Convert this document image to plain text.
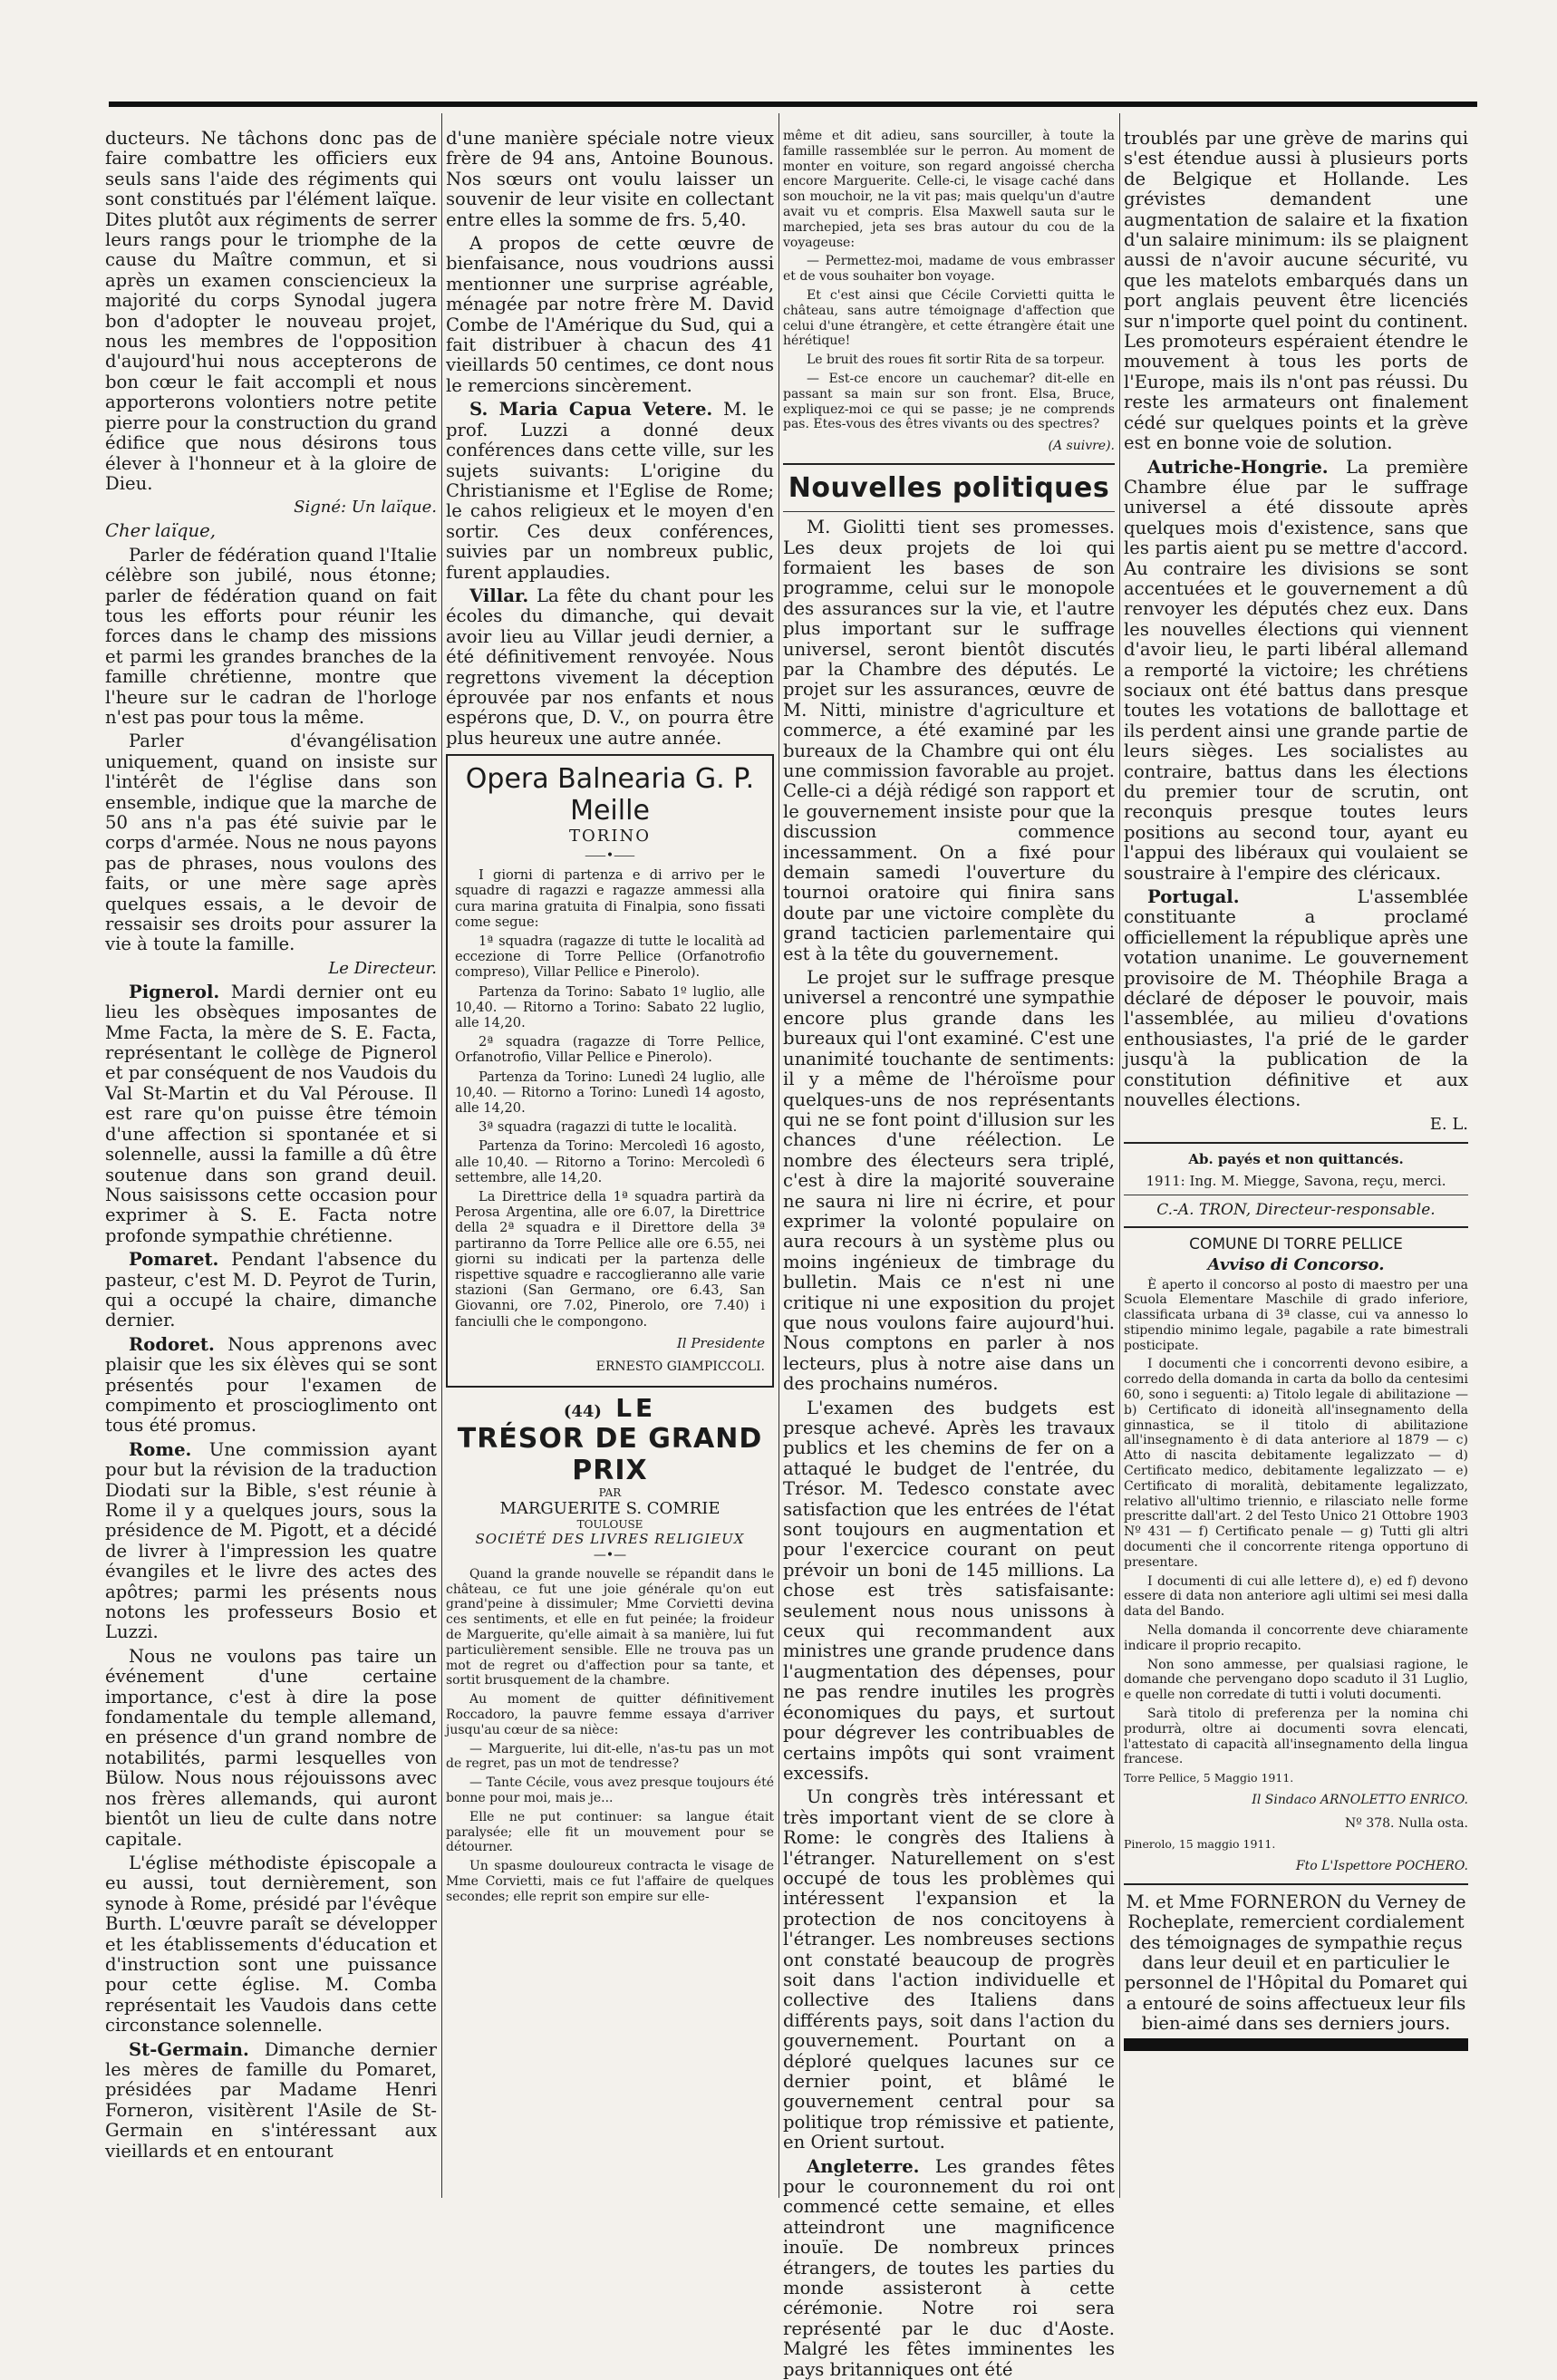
ducteurs. Ne tâchons donc pas de faire combattre les officiers eux seuls sans l'aide des régiments qui sont constitués par l'élément laïque. Dites plutôt aux régiments de serrer leurs rangs pour le triomphe de la cause du Maître commun, et si après un examen consciencieux la majorité du corps Synodal jugera bon d'adopter le nouveau projet, nous les membres de l'opposition d'aujourd'hui nous accepterons de bon cœur le fait accompli et nous apporterons volontiers notre petite pierre pour la construction du grand édifice que nous désirons tous élever à l'honneur et à la gloire de Dieu.

Signé: Un laïque.

Cher laïque,

Parler de fédération quand l'Italie célèbre son jubilé, nous étonne; parler de fédération quand on fait tous les efforts pour réunir les forces dans le champ des missions et parmi les grandes branches de la famille chrétienne, montre que l'heure sur le cadran de l'horloge n'est pas pour tous la même.

Parler d'évangélisation uniquement, quand on insiste sur l'intérêt de l'église dans son ensemble, indique que la marche de 50 ans n'a pas été suivie par le corps d'armée. Nous ne nous payons pas de phrases, nous voulons des faits, or une mère sage après quelques essais, a le devoir de ressaisir ses droits pour assurer la vie à toute la famille.

Le Directeur.

Pignerol. Mardi dernier ont eu lieu les obsèques imposantes de Mme Facta, la mère de S. E. Facta, représentant le collège de Pignerol et par conséquent de nos Vaudois du Val St-Martin et du Val Pérouse. Il est rare qu'on puisse être témoin d'une affection si spontanée et si solennelle, aussi la famille a dû être soutenue dans son grand deuil. Nous saisissons cette occasion pour exprimer à S. E. Facta notre profonde sympathie chrétienne.

Pomaret. Pendant l'absence du pasteur, c'est M. D. Peyrot de Turin, qui a occupé la chaire, dimanche dernier.

Rodoret. Nous apprenons avec plaisir que les six élèves qui se sont présentés pour l'examen de compimento et proscioglimento ont tous été promus.

Rome. Une commission ayant pour but la révision de la traduction Diodati sur la Bible, s'est réunie à Rome il y a quelques jours, sous la présidence de M. Pigott, et a décidé de livrer à l'impression les quatre évangiles et le livre des actes des apôtres; parmi les présents nous notons les professeurs Bosio et Luzzi.

Nous ne voulons pas taire un événement d'une certaine importance, c'est à dire la pose fondamentale du temple allemand, en présence d'un grand nombre de notabilités, parmi lesquelles von Bülow. Nous nous réjouissons avec nos frères allemands, qui auront bientôt un lieu de culte dans notre capitale.

L'église méthodiste épiscopale a eu aussi, tout dernièrement, son synode à Rome, présidé par l'évêque Burth. L'œuvre paraît se développer et les établissements d'éducation et d'instruction sont une puissance pour cette église. M. Comba représentait les Vaudois dans cette circonstance solennelle.

St-Germain. Dimanche dernier les mères de famille du Pomaret, présidées par Madame Henri Forneron, visitèrent l'Asile de St-Germain en s'intéressant aux vieillards et en entourant

d'une manière spéciale notre vieux frère de 94 ans, Antoine Bounous. Nos sœurs ont voulu laisser un souvenir de leur visite en collectant entre elles la somme de frs. 5,40.

A propos de cette œuvre de bienfaisance, nous voudrions aussi mentionner une surprise agréable, ménagée par notre frère M. David Combe de l'Amérique du Sud, qui a fait distribuer à chacun des 41 vieillards 50 centimes, ce dont nous le remercions sincèrement.

S. Maria Capua Vetere. M. le prof. Luzzi a donné deux conférences dans cette ville, sur les sujets suivants: L'origine du Christianisme et l'Eglise de Rome; le cahos religieux et le moyen d'en sortir. Ces deux conférences, suivies par un nombreux public, furent applaudies.

Villar. La fête du chant pour les écoles du dimanche, qui devait avoir lieu au Villar jeudi dernier, a été définitivement renvoyée. Nous regrettons vivement la déception éprouvée par nos enfants et nous espérons que, D. V., on pourra être plus heureux une autre année.

Opera Balnearia G. P. Meille
TORINO
⸺•⸺

I giorni di partenza e di arrivo per le squadre di ragazzi e ragazze ammessi alla cura marina gratuita di Finalpia, sono fissati come segue:

1ª squadra (ragazze di tutte le località ad eccezione di Torre Pellice (Orfanotrofio compreso), Villar Pellice e Pinerolo).

Partenza da Torino: Sabato 1º luglio, alle 10,40. — Ritorno a Torino: Sabato 22 luglio, alle 14,20.

2ª squadra (ragazze di Torre Pellice, Orfanotrofio, Villar Pellice e Pinerolo).

Partenza da Torino: Lunedì 24 luglio, alle 10,40. — Ritorno a Torino: Lunedì 14 agosto, alle 14,20.

3ª squadra (ragazzi di tutte le località.

Partenza da Torino: Mercoledì 16 agosto, alle 10,40. — Ritorno a Torino: Mercoledì 6 settembre, alle 14,20.

La Direttrice della 1ª squadra partirà da Perosa Argentina, alle ore 6.07, la Direttrice della 2ª squadra e il Direttore della 3ª partiranno da Torre Pellice alle ore 6.55, nei giorni su indicati per la partenza delle rispettive squadre e raccoglieranno alle varie stazioni (San Germano, ore 6.43, San Giovanni, ore 7.02, Pinerolo, ore 7.40) i fanciulli che le compongono.

Il Presidente
ERNESTO GIAMPICCOLI.
(44) LE
TRÉSOR DE GRAND PRIX
PAR
MARGUERITE S. COMRIE
TOULOUSE
SOCIÉTÉ DES LIVRES RELIGIEUX
—•—

Quand la grande nouvelle se répandit dans le château, ce fut une joie générale qu'on eut grand'peine à dissimuler; Mme Corvietti devina ces sentiments, et elle en fut peinée; la froideur de Marguerite, qu'elle aimait à sa manière, lui fut particulièrement sensible. Elle ne trouva pas un mot de regret ou d'affection pour sa tante, et sortit brusquement de la chambre.

Au moment de quitter définitivement Roccadoro, la pauvre femme essaya d'arriver jusqu'au cœur de sa nièce:

— Marguerite, lui dit-elle, n'as-tu pas un mot de regret, pas un mot de tendresse?

— Tante Cécile, vous avez presque toujours été bonne pour moi, mais je...

Elle ne put continuer: sa langue était paralysée; elle fit un mouvement pour se détourner.

Un spasme douloureux contracta le visage de Mme Corvietti, mais ce fut l'affaire de quelques secondes; elle reprit son empire sur elle-

même et dit adieu, sans sourciller, à toute la famille rassemblée sur le perron. Au moment de monter en voiture, son regard angoissé chercha encore Marguerite. Celle-ci, le visage caché dans son mouchoir, ne la vit pas; mais quelqu'un d'autre avait vu et compris. Elsa Maxwell sauta sur le marchepied, jeta ses bras autour du cou de la voyageuse:

— Permettez-moi, madame de vous embrasser et de vous souhaiter bon voyage.

Et c'est ainsi que Cécile Corvietti quitta le château, sans autre témoignage d'affection que celui d'une étrangère, et cette étrangère était une hérétique!

Le bruit des roues fit sortir Rita de sa torpeur.

— Est-ce encore un cauchemar? dit-elle en passant sa main sur son front. Elsa, Bruce, expliquez-moi ce qui se passe; je ne comprends pas. Etes-vous des êtres vivants ou des spectres?

(A suivre).
Nouvelles politiques

M. Giolitti tient ses promesses. Les deux projets de loi qui formaient les bases de son programme, celui sur le monopole des assurances sur la vie, et l'autre plus important sur le suffrage universel, seront bientôt discutés par la Chambre des députés. Le projet sur les assurances, œuvre de M. Nitti, ministre d'agriculture et commerce, a été examiné par les bureaux de la Chambre qui ont élu une commission favorable au projet. Celle-ci a déjà rédigé son rapport et le gouvernement insiste pour que la discussion commence incessamment. On a fixé pour demain samedi l'ouverture du tournoi oratoire qui finira sans doute par une victoire complète du grand tacticien parlementaire qui est à la tête du gouvernement.

Le projet sur le suffrage presque universel a rencontré une sympathie encore plus grande dans les bureaux qui l'ont examiné. C'est une unanimité touchante de sentiments: il y a même de l'héroïsme pour quelques-uns de nos représentants qui ne se font point d'illusion sur les chances d'une réélection. Le nombre des électeurs sera triplé, c'est à dire la majorité souveraine ne saura ni lire ni écrire, et pour exprimer la volonté populaire on aura recours à un système plus ou moins ingénieux de timbrage du bulletin. Mais ce n'est ni une critique ni une exposition du projet que nous voulons faire aujourd'hui. Nous comptons en parler à nos lecteurs, plus à notre aise dans un des prochains numéros.

L'examen des budgets est presque achevé. Après les travaux publics et les chemins de fer on a attaqué le budget de l'entrée, du Trésor. M. Tedesco constate avec satisfaction que les entrées de l'état sont toujours en augmentation et pour l'exercice courant on peut prévoir un boni de 145 millions. La chose est très satisfaisante: seulement nous nous unissons à ceux qui recommandent aux ministres une grande prudence dans l'augmentation des dépenses, pour ne pas rendre inutiles les progrès économiques du pays, et surtout pour dégrever les contribuables de certains impôts qui sont vraiment excessifs.

Un congrès très intéressant et très important vient de se clore à Rome: le congrès des Italiens à l'étranger. Naturellement on s'est occupé de tous les problèmes qui intéressent l'expansion et la protection de nos concitoyens à l'étranger. Les nombreuses sections ont constaté beaucoup de progrès soit dans l'action individuelle et collective des Italiens dans différents pays, soit dans l'action du gouvernement. Pourtant on a déploré quelques lacunes sur ce dernier point, et blâmé le gouvernement central pour sa politique trop rémissive et patiente, en Orient surtout.

Angleterre. Les grandes fêtes pour le couronnement du roi ont commencé cette semaine, et elles atteindront une magnificence inouïe. De nombreux princes étrangers, de toutes les parties du monde assisteront à cette cérémonie. Notre roi sera représenté par le duc d'Aoste. Malgré les fêtes imminentes les pays britanniques ont été

troublés par une grève de marins qui s'est étendue aussi à plusieurs ports de Belgique et Hollande. Les grévistes demandent une augmentation de salaire et la fixation d'un salaire minimum: ils se plaignent aussi de n'avoir aucune sécurité, vu que les matelots embarqués dans un port anglais peuvent être licenciés sur n'importe quel point du continent. Les promoteurs espéraient étendre le mouvement à tous les ports de l'Europe, mais ils n'ont pas réussi. Du reste les armateurs ont finalement cédé sur quelques points et la grève est en bonne voie de solution.

Autriche-Hongrie. La première Chambre élue par le suffrage universel a été dissoute après quelques mois d'existence, sans que les partis aient pu se mettre d'accord. Au contraire les divisions se sont accentuées et le gouvernement a dû renvoyer les députés chez eux. Dans les nouvelles élections qui viennent d'avoir lieu, le parti libéral allemand a remporté la victoire; les chrétiens sociaux ont été battus dans presque toutes les votations de ballottage et ils perdent ainsi une grande partie de leurs sièges. Les socialistes au contraire, battus dans les élections du premier tour de scrutin, ont reconquis presque toutes leurs positions au second tour, ayant eu l'appui des libéraux qui voulaient se soustraire à l'empire des cléricaux.

Portugal. L'assemblée constituante a proclamé officiellement la république après une votation unanime. Le gouvernement provisoire de M. Théophile Braga a déclaré de déposer le pouvoir, mais l'assemblée, au milieu d'ovations enthousiastes, l'a prié de le garder jusqu'à la publication de la constitution définitive et aux nouvelles élections.

E. L.
Ab. payés et non quittancés.
1911: Ing. M. Miegge, Savona, reçu, merci.
C.-A. TRON, Directeur-responsable.
COMUNE DI TORRE PELLICE
Avviso di Concorso.

È aperto il concorso al posto di maestro per una Scuola Elementare Maschile di grado inferiore, classificata urbana di 3ª classe, cui va annesso lo stipendio minimo legale, pagabile a rate bimestrali posticipate.

I documenti che i concorrenti devono esibire, a corredo della domanda in carta da bollo da centesimi 60, sono i seguenti: a) Titolo legale di abilitazione — b) Certificato di idoneità all'insegnamento della ginnastica, se il titolo di abilitazione all'insegnamento è di data anteriore al 1879 — c) Atto di nascita debitamente legalizzato — d) Certificato medico, debitamente legalizzato — e) Certificato di moralità, debitamente legalizzato, relativo all'ultimo triennio, e rilasciato nelle forme prescritte dall'art. 2 del Testo Unico 21 Ottobre 1903 Nº 431 — f) Certificato penale — g) Tutti gli altri documenti che il concorrente ritenga opportuno di presentare.

I documenti di cui alle lettere d), e) ed f) devono essere di data non anteriore agli ultimi sei mesi dalla data del Bando.

Nella domanda il concorrente deve chiaramente indicare il proprio recapito.

Non sono ammesse, per qualsiasi ragione, le domande che pervengano dopo scaduto il 31 Luglio, e quelle non corredate di tutti i voluti documenti.

Sarà titolo di preferenza per la nomina chi produrrà, oltre ai documenti sovra elencati, l'attestato di capacità all'insegnamento della lingua francese.

Torre Pellice, 5 Maggio 1911.

Il Sindaco ARNOLETTO ENRICO.
Nº 378. Nulla osta.

Pinerolo, 15 maggio 1911.

Fto L'Ispettore POCHERO.

M. et Mme FORNERON du Verney de Rocheplate, remercient cordialement des témoignages de sympathie reçus dans leur deuil et en particulier le personnel de l'Hôpital du Pomaret qui a entouré de soins affectueux leur fils bien-aimé dans ses derniers jours.
